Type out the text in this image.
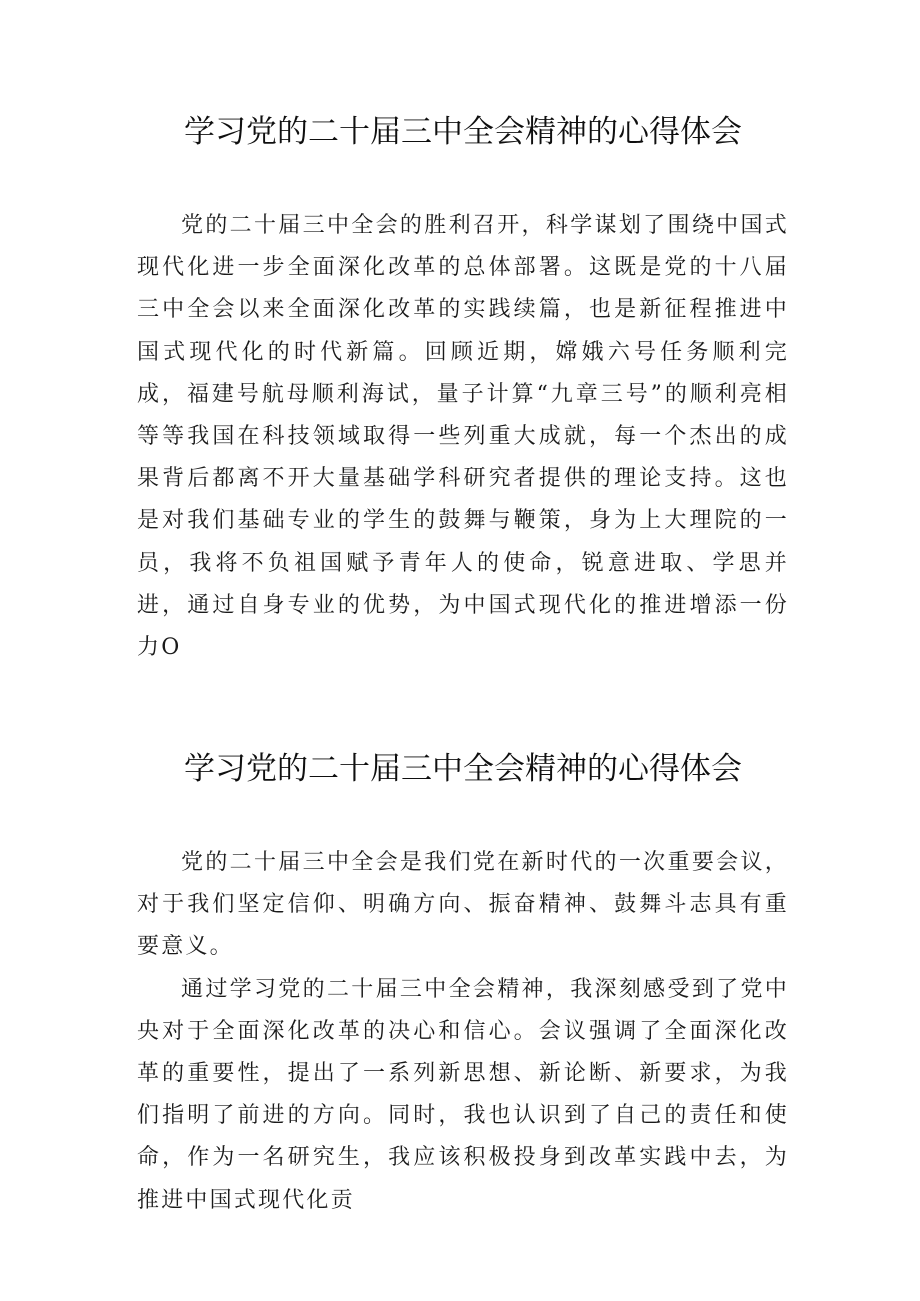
学习党的二十届三中全会精神的心得体会

党的二十届三中全会的胜利召开，科学谋划了围绕中国式现代化进一步全面深化改革的总体部署。这既是党的十八届三中全会以来全面深化改革的实践续篇，也是新征程推进中国式现代化的时代新篇。回顾近期，嫦娥六号任务顺利完成，福建号航母顺利海试，量子计算“九章三号”的顺利亮相等等我国在科技领域取得一些列重大成就，每一个杰出的成果背后都离不开大量基础学科研究者提供的理论支持。这也是对我们基础专业的学生的鼓舞与鞭策，身为上大理院的一员，我将不负祖国赋予青年人的使命，锐意进取、学思并进，通过自身专业的优势，为中国式现代化的推进增添一份力O

学习党的二十届三中全会精神的心得体会

党的二十届三中全会是我们党在新时代的一次重要会议，对于我们坚定信仰、明确方向、振奋精神、鼓舞斗志具有重要意义。

通过学习党的二十届三中全会精神，我深刻感受到了党中央对于全面深化改革的决心和信心。会议强调了全面深化改革的重要性，提出了一系列新思想、新论断、新要求，为我们指明了前进的方向。同时，我也认识到了自己的责任和使命，作为一名研究生，我应该积极投身到改革实践中去，为推进中国式现代化贡
